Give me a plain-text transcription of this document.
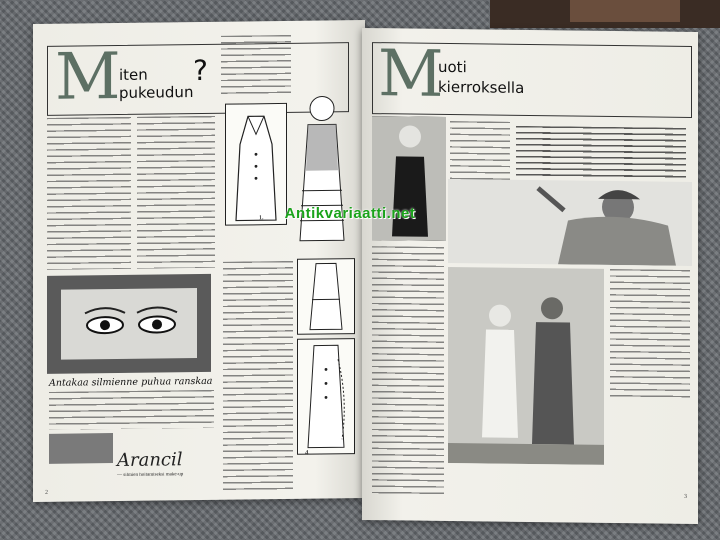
M
iten
pukeudun
?
1.
Antakaa silmienne puhua ranskaa
Arancil
— silmien hoitamiseksi make-up
4.
2
M
uoti
kierroksella
3
Antikvariaatti.net
